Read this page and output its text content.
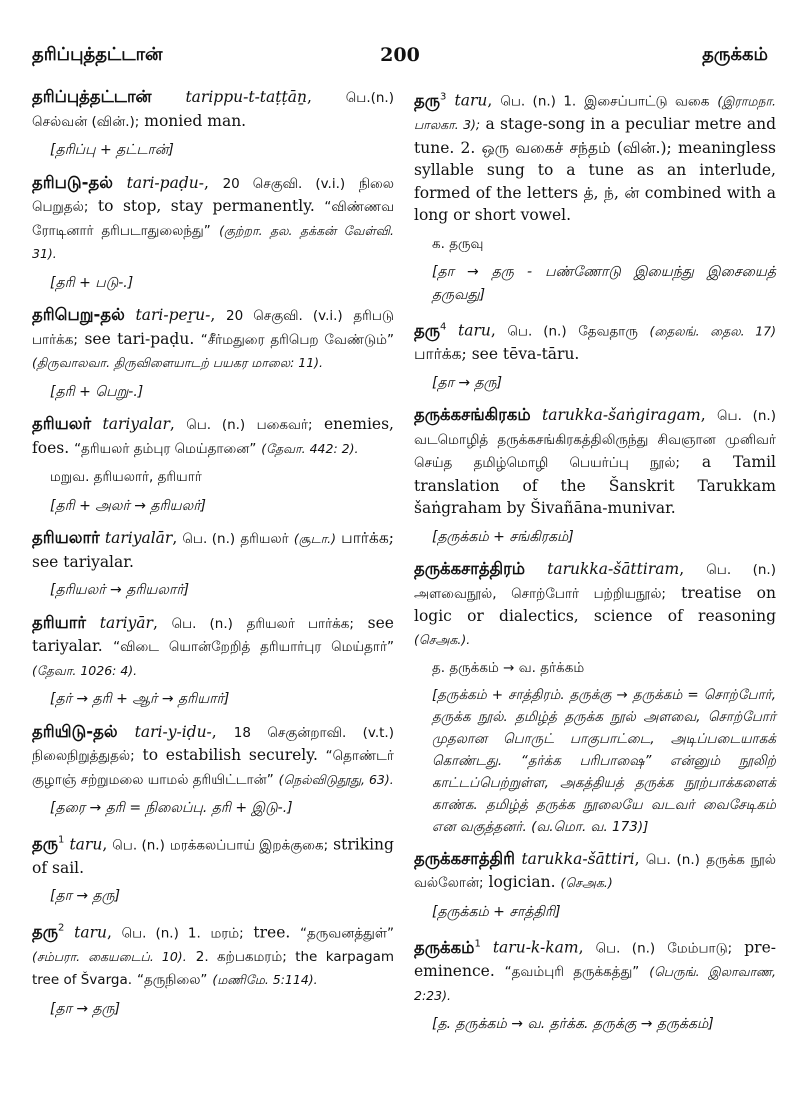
தரிப்புத்தட்டான்	200	தருக்கம்
தரிப்புத்தட்டான் tarippu-t-taṭṭāṉ, பெ.(n.) செல்வன் (வின்.); monied man.
[தரிப்பு + தட்டான்]
தரிபடு-தல் tari-paḍu-, 20 செகுவி. (v.i.) நிலை பெறுதல்; to stop, stay permanently. “விண்ணவ ரோடினார் தரிபடாதுலைந்து” (குற்றா. தல. தக்கன் வேள்வி. 31).
[தரி + படு-.]
தரிபெறு-தல் tari-peṟu-, 20 செகுவி. (v.i.) தரிபடு பார்க்க; see tari-paḍu. “சீர்மதுரை தரிபெற வேண்டும்” (திருவாலவா. திருவிளையாடற் பயகர மாலை: 11).
[தரி + பெறு-.]
தரியலர் tariyalar, பெ. (n.) பகைவர்; enemies, foes. “தரியலர் தம்புர மெய்தானை” (தேவா. 442: 2).
மறுவ. தரியலார், தரியார்
[தரி + அலர் → தரியலர்]
தரியலார் tariyalār, பெ. (n.) தரியலர் (சூடா.) பார்க்க; see tariyalar.
[தரியலர் → தரியலார்]
தரியார் tariyār, பெ. (n.) தரியலர் பார்க்க; see tariyalar. “விடை யொன்றேறித் தரியார்புர மெய்தார்” (தேவா. 1026: 4).
[தர் → தரி + ஆர் → தரியார்]
தரியிடு-தல் tari-y-iḍu-, 18 செகுன்றாவி. (v.t.) நிலைநிறுத்துதல்; to estabilish securely. “தொண்டர் குழாஞ் சற்றுமலை யாமல் தரியிட்டான்” (நெல்விடுதூது, 63).
[தரை → தரி = நிலைப்பு. தரி + இடு-.]
தரு$^1$ taru, பெ. (n.) மரக்கலப்பாய் இறக்குகை; striking of sail.
[தா → தரு]
தரு$^2$ taru, பெ. (n.) 1. மரம்; tree. “தருவனத்துள்” (சம்பரா. கையடைப். 10). 2. கற்பகமரம்; the karpagam tree of Švarga. “தருநிலை” (மணிமே. 5:114).
[தா → தரு]
தரு$^3$ taru, பெ. (n.) 1. இசைப்பாட்டு வகை (இராமநா. பாலகா. 3); a stage-song in a peculiar metre and tune. 2. ஒரு வகைச் சந்தம் (வின்.); meaningless syllable sung to a tune as an interlude, formed of the letters த், ந், ன் combined with a long or short vowel.
க. தருவு
[தா → தரு - பண்ணோடு இயைந்து இசையைத் தருவது]
தரு$^4$ taru, பெ. (n.) தேவதாரு (தைலங். தைல. 17) பார்க்க; see tēva-tāru.
[தா → தரு]
தருக்கசங்கிரகம் tarukka-šaṅgiragam, பெ. (n.) வடமொழித் தருக்கசங்கிரகத்திலிருந்து சிவஞான முனிவர் செய்த தமிழ்மொழி பெயர்ப்பு நூல்; a Tamil translation of the Šanskrit Tarukkam šaṅgraham by Šivañāna-munivar.
[தருக்கம் + சங்கிரகம்]
தருக்கசாத்திரம் tarukka-šāttiram, பெ. (n.) அளவைநூல், சொற்போர் பற்றியநூல்; treatise on logic or dialectics, science of reasoning (செஅக.).
த. தருக்கம் → வ. தர்க்கம்
[தருக்கம் + சாத்திரம். தருக்கு → தருக்கம் = சொற்போர், தருக்க நூல். தமிழ்த் தருக்க நூல் அளவை, சொற்போர் முதலான பொருட் பாகுபாட்டை, அடிப்படையாகக் கொண்டது. “தர்க்க பரிபாஷை” என்னும் நூலிற் காட்டப்பெற்றுள்ள, அகத்தியத் தருக்க நூற்பாக்களைக் காண்க. தமிழ்த் தருக்க நூலையே வடவர் வைசேடிகம் என வகுத்தனர். (வ.மொ. வ. 173)]
தருக்கசாத்திரி tarukka-šāttiri, பெ. (n.) தருக்க நூல் வல்லோன்; logician. (செஅக.)
[தருக்கம் + சாத்திரி]
தருக்கம்$^1$ taru-k-kam, பெ. (n.) மேம்பாடு; pre-eminence. “தவம்புரி தருக்கத்து” (பெருங். இலாவாண, 2:23).
[த. தருக்கம் → வ. தர்க்க. தருக்கு → தருக்கம்]
